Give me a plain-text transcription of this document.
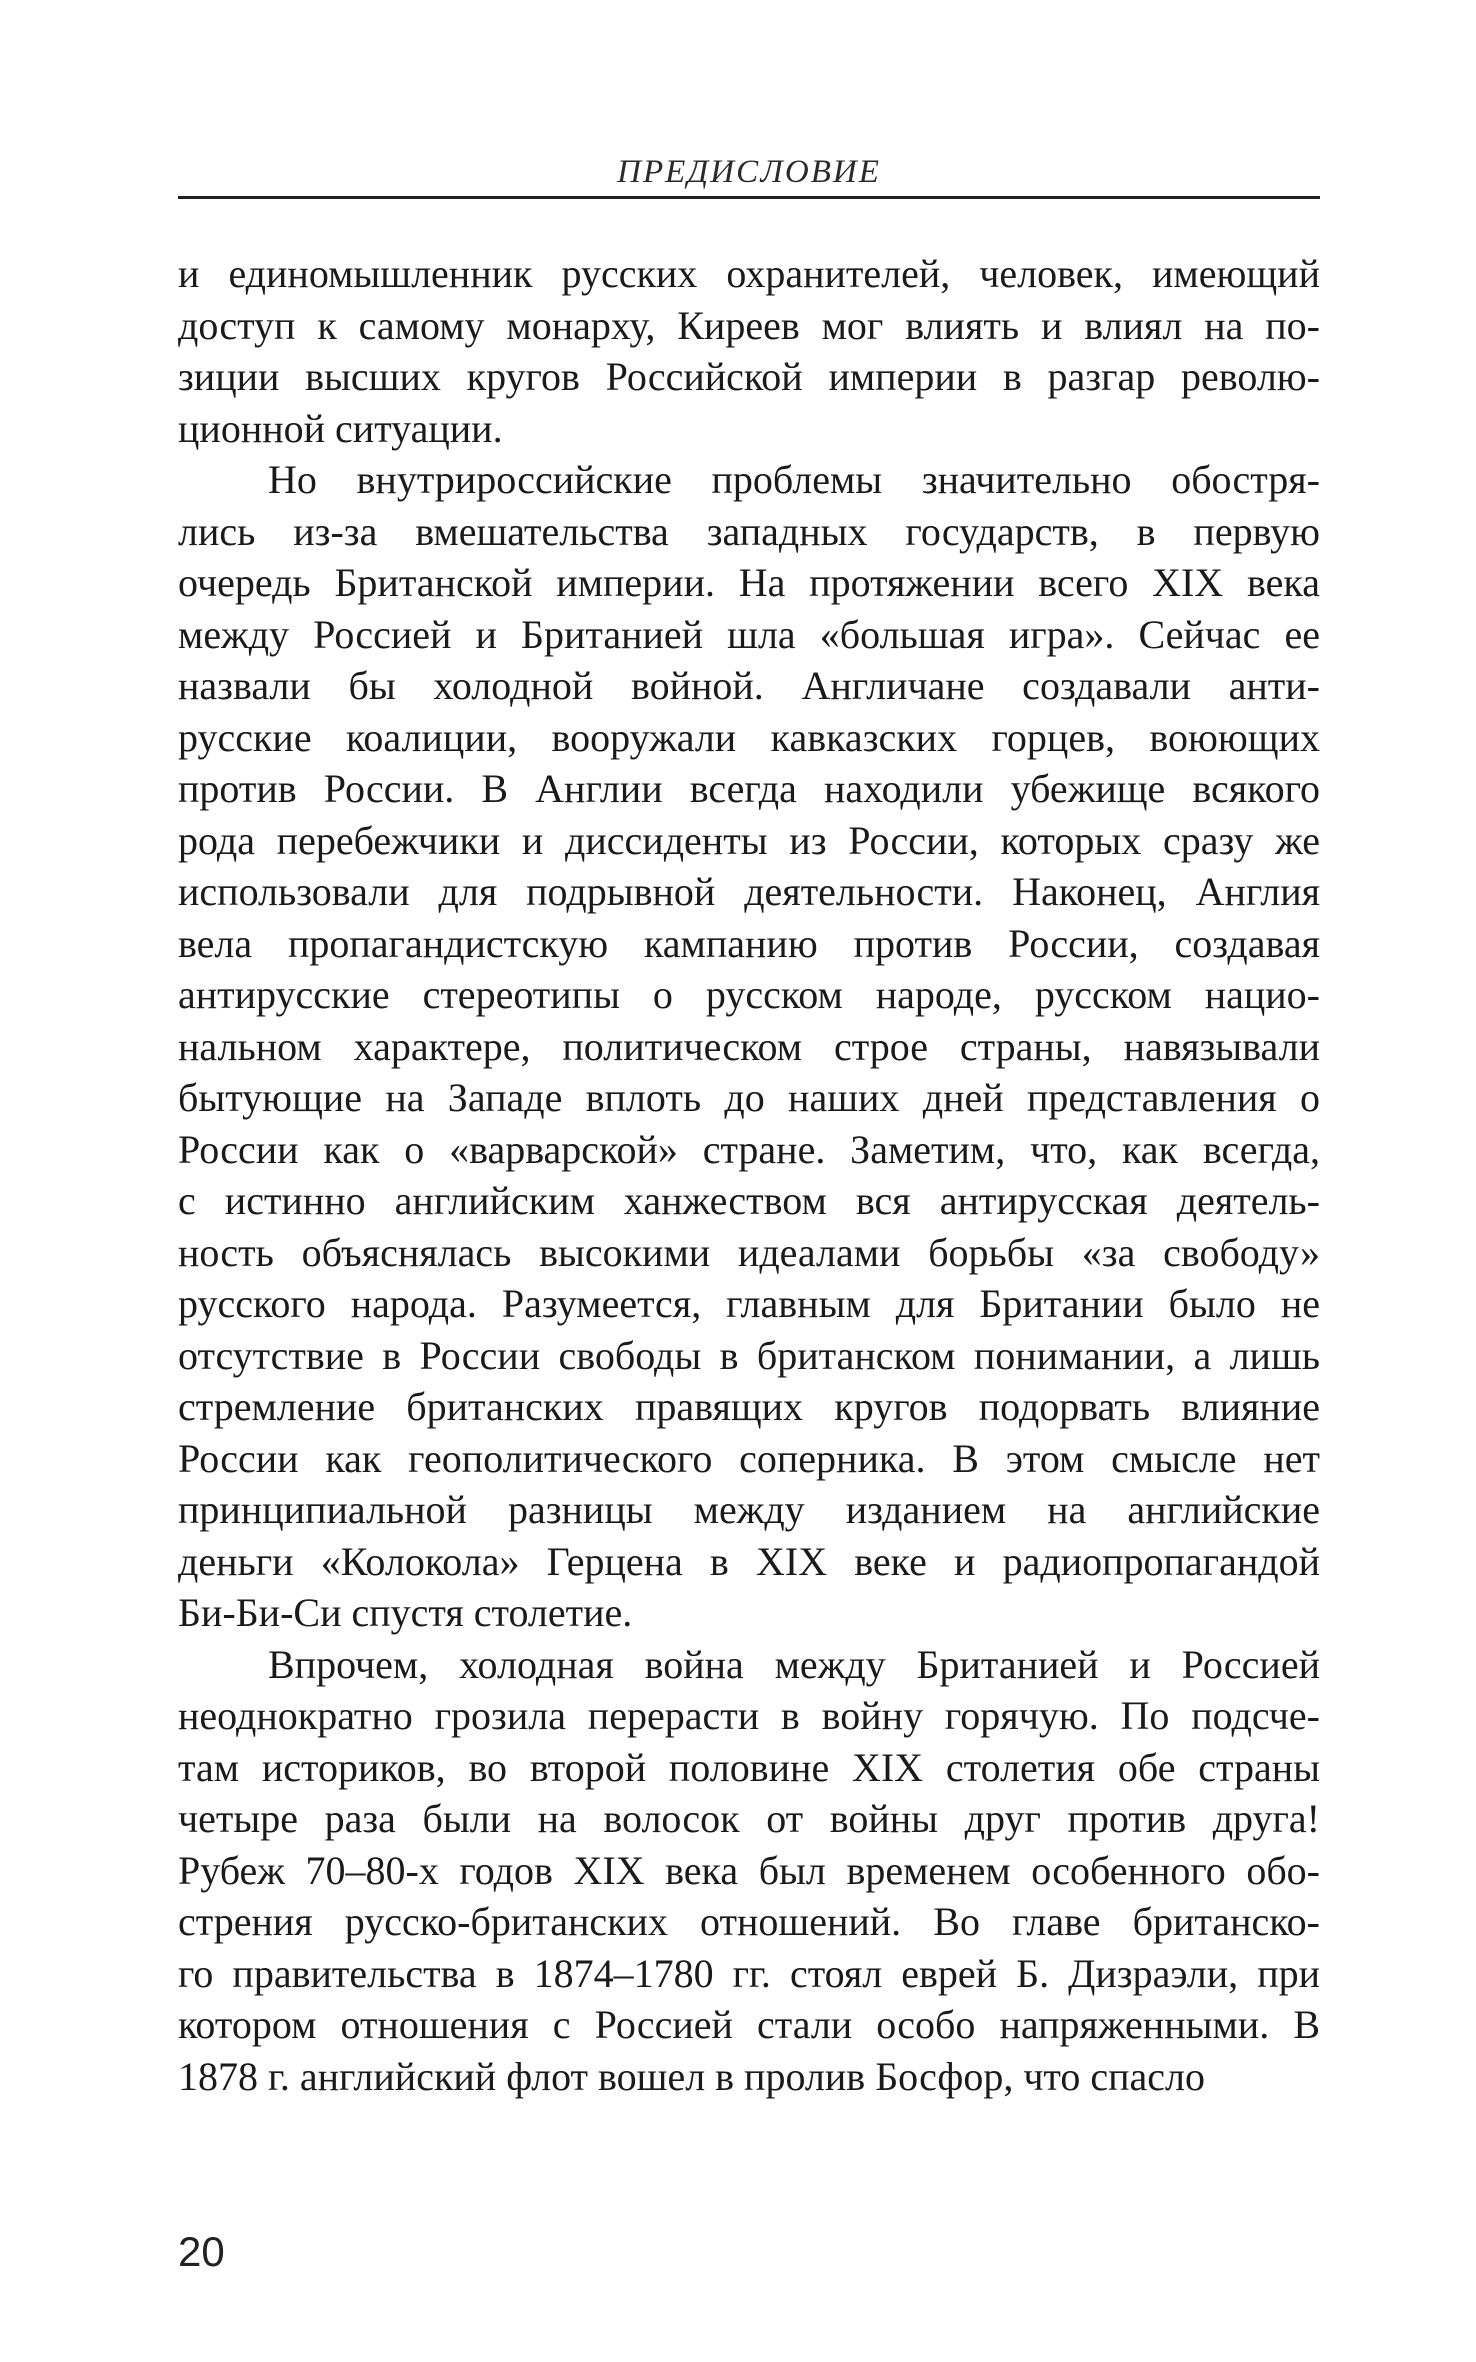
ПРЕДИСЛОВИЕ
и единомышленник русских охранителей, человек, имеющий
доступ к самому монарху, Киреев мог влиять и влиял на по-
зиции высших кругов Российской империи в разгар револю-
ционной ситуации.
Но внутрироссийские проблемы значительно обостря-
лись из-за вмешательства западных государств, в первую
очередь Британской империи. На протяжении всего XIX века
между Россией и Британией шла «большая игра». Сейчас ее
назвали бы холодной войной. Англичане создавали анти-
русские коалиции, вооружали кавказских горцев, воюющих
против России. В Англии всегда находили убежище всякого
рода перебежчики и диссиденты из России, которых сразу же
использовали для подрывной деятельности. Наконец, Англия
вела пропагандистскую кампанию против России, создавая
антирусские стереотипы о русском народе, русском нацио-
нальном характере, политическом строе страны, навязывали
бытующие на Западе вплоть до наших дней представления о
России как о «варварской» стране. Заметим, что, как всегда,
с истинно английским ханжеством вся антирусская деятель-
ность объяснялась высокими идеалами борьбы «за свободу»
русского народа. Разумеется, главным для Британии было не
отсутствие в России свободы в британском понимании, а лишь
стремление британских правящих кругов подорвать влияние
России как геополитического соперника. В этом смысле нет
принципиальной разницы между изданием на английские
деньги «Колокола» Герцена в XIX веке и радиопропагандой
Би-Би-Си спустя столетие.
Впрочем, холодная война между Британией и Россией
неоднократно грозила перерасти в войну горячую. По подсче-
там историков, во второй половине XIX столетия обе страны
четыре раза были на волосок от войны друг против друга!
Рубеж 70–80-х годов XIX века был временем особенного обо-
стрения русско-британских отношений. Во главе британско-
го правительства в 1874–1780 гг. стоял еврей Б. Дизраэли, при
котором отношения с Россией стали особо напряженными. В
1878 г. английский флот вошел в пролив Босфор, что спасло
20
